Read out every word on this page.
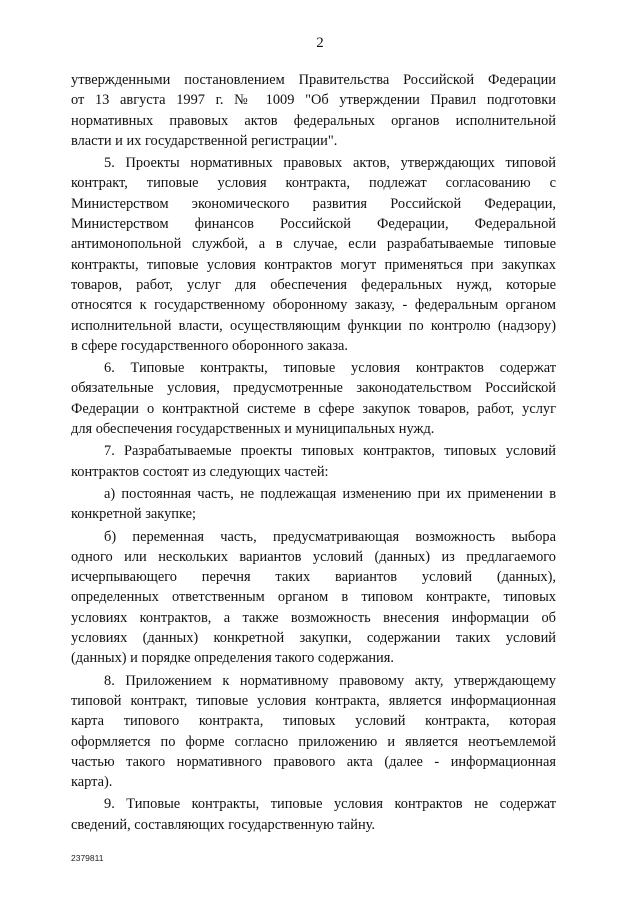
2
утвержденными постановлением Правительства Российской Федерации
от 13 августа 1997 г. № 1009 "Об утверждении Правил подготовки
нормативных правовых актов федеральных органов исполнительной
власти и их государственной регистрации".
5. Проекты нормативных правовых актов, утверждающих типовой
контракт, типовые условия контракта, подлежат согласованию с
Министерством экономического развития Российской Федерации,
Министерством финансов Российской Федерации, Федеральной
антимонопольной службой, а в случае, если разрабатываемые типовые
контракты, типовые условия контрактов могут применяться при закупках
товаров, работ, услуг для обеспечения федеральных нужд, которые
относятся к государственному оборонному заказу, - федеральным органом
исполнительной власти, осуществляющим функции по контролю (надзору)
в сфере государственного оборонного заказа.
6. Типовые контракты, типовые условия контрактов содержат
обязательные условия, предусмотренные законодательством Российской
Федерации о контрактной системе в сфере закупок товаров, работ, услуг
для обеспечения государственных и муниципальных нужд.
7. Разрабатываемые проекты типовых контрактов, типовых условий
контрактов состоят из следующих частей:
а) постоянная часть, не подлежащая изменению при их применении в
конкретной закупке;
б) переменная часть, предусматривающая возможность выбора
одного или нескольких вариантов условий (данных) из предлагаемого
исчерпывающего перечня таких вариантов условий (данных),
определенных ответственным органом в типовом контракте, типовых
условиях контрактов, а также возможность внесения информации об
условиях (данных) конкретной закупки, содержании таких условий
(данных) и порядке определения такого содержания.
8. Приложением к нормативному правовому акту, утверждающему
типовой контракт, типовые условия контракта, является информационная
карта типового контракта, типовых условий контракта, которая
оформляется по форме согласно приложению и является неотъемлемой
частью такого нормативного правового акта (далее - информационная
карта).
9. Типовые контракты, типовые условия контрактов не содержат
сведений, составляющих государственную тайну.
2379811
